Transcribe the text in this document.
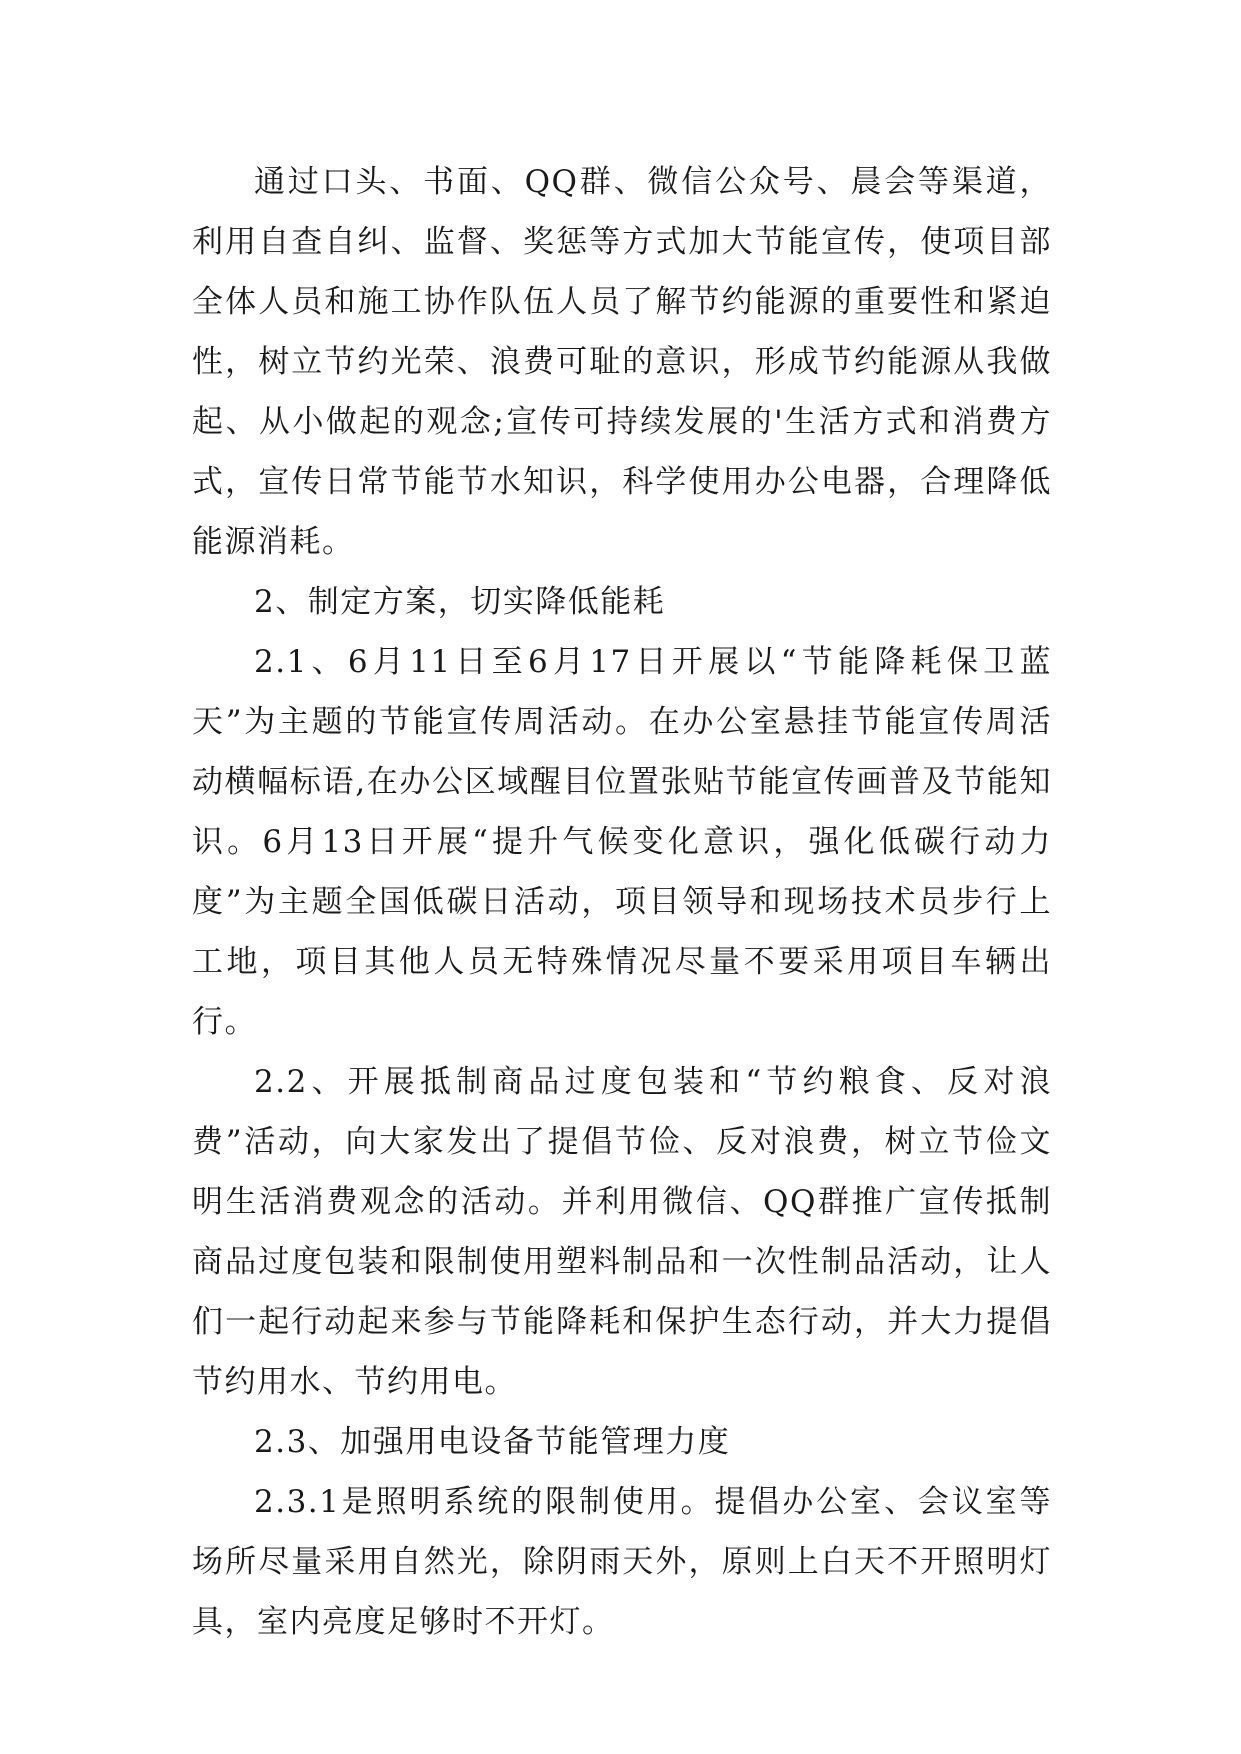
通过口头、书面、QQ群、微信公众号、晨会等渠道，利用自查自纠、监督、奖惩等方式加大节能宣传，使项目部全体人员和施工协作队伍人员了解节约能源的重要性和紧迫性，树立节约光荣、浪费可耻的意识，形成节约能源从我做起、从小做起的观念;宣传可持续发展的'生活方式和消费方式，宣传日常节能节水知识，科学使用办公电器，合理降低能源消耗。

2、制定方案，切实降低能耗

2.1、6月11日至6月17日开展以“节能降耗保卫蓝天”为主题的节能宣传周活动。在办公室悬挂节能宣传周活动横幅标语,在办公区域醒目位置张贴节能宣传画普及节能知识。6月13日开展“提升气候变化意识，强化低碳行动力度”为主题全国低碳日活动，项目领导和现场技术员步行上工地，项目其他人员无特殊情况尽量不要采用项目车辆出行。

2.2、开展抵制商品过度包装和“节约粮食、反对浪费”活动，向大家发出了提倡节俭、反对浪费，树立节俭文明生活消费观念的活动。并利用微信、QQ群推广宣传抵制商品过度包装和限制使用塑料制品和一次性制品活动，让人们一起行动起来参与节能降耗和保护生态行动，并大力提倡节约用水、节约用电。

2.3、加强用电设备节能管理力度

2.3.1是照明系统的限制使用。提倡办公室、会议室等场所尽量采用自然光，除阴雨天外，原则上白天不开照明灯具，室内亮度足够时不开灯。
